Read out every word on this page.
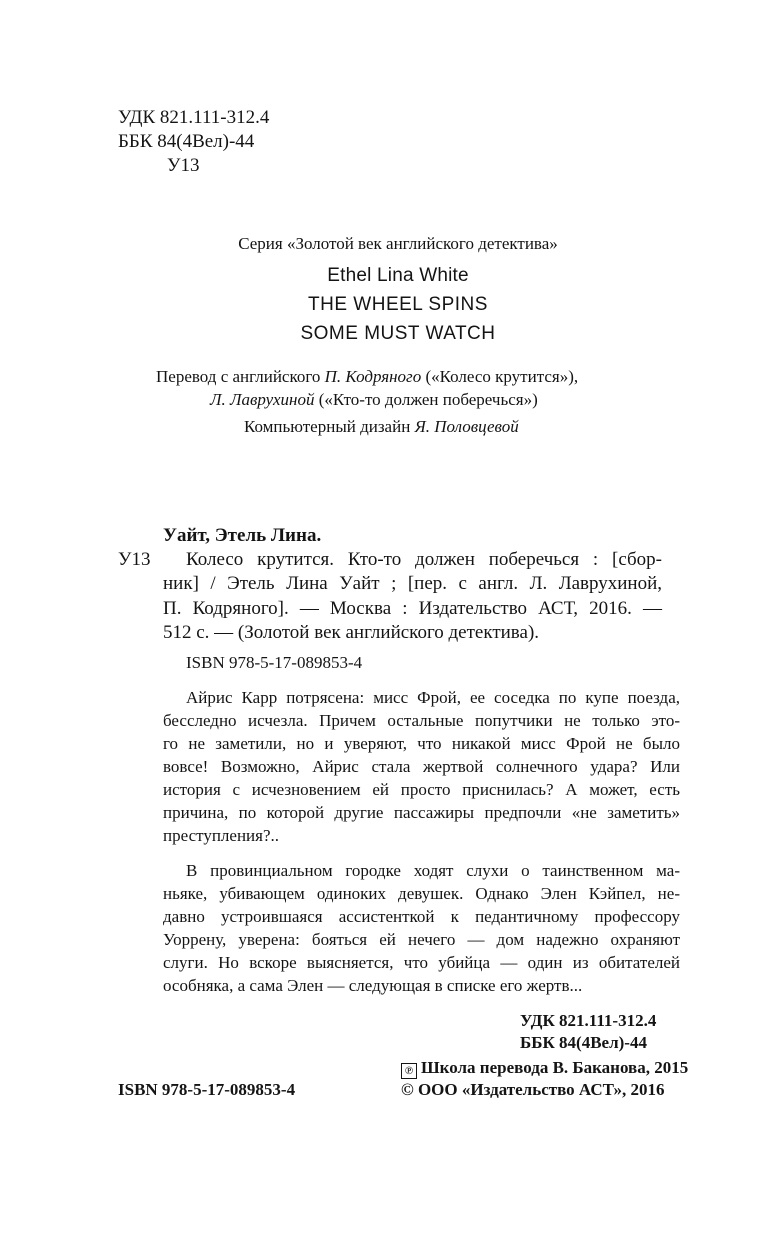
УДК 821.111-312.4
ББК 84(4Вел)-44
У13
Серия «Золотой век английского детектива»
Ethel Lina White
THE WHEEL SPINS
SOME MUST WATCH
Перевод с английского П. Кодряного («Колесо крутится»),
Л. Лаврухиной («Кто-то должен поберечься»)
Компьютерный дизайн Я. Половцевой
Уайт, Этель Лина.
У13 Колесо крутится. Кто-то должен поберечься : [сбор-
ник] / Этель Лина Уайт ; [пер. с англ. Л. Лаврухиной,
П. Кодряного]. — Москва : Издательство АСТ, 2016. —
512 с. — (Золотой век английского детектива).
ISBN 978-5-17-089853-4
Айрис Карр потрясена: мисс Фрой, ее соседка по купе поезда,
бесследно исчезла. Причем остальные попутчики не только это-
го не заметили, но и уверяют, что никакой мисс Фрой не было
вовсе! Возможно, Айрис стала жертвой солнечного удара? Или
история с исчезновением ей просто приснилась? А может, есть
причина, по которой другие пассажиры предпочли «не заметить»
преступления?..
В провинциальном городке ходят слухи о таинственном ма-
ньяке, убивающем одиноких девушек. Однако Элен Кэйпел, не-
давно устроившаяся ассистенткой к педантичному профессору
Уоррену, уверена: бояться ей нечего — дом надежно охраняют
слуги. Но вскоре выясняется, что убийца — один из обитателей
особняка, а сама Элен — следующая в списке его жертв...
УДК 821.111-312.4
ББК 84(4Вел)-44
℗ Школа перевода В. Баканова, 2015
ISBN 978-5-17-089853-4	© ООО «Издательство АСТ», 2016
